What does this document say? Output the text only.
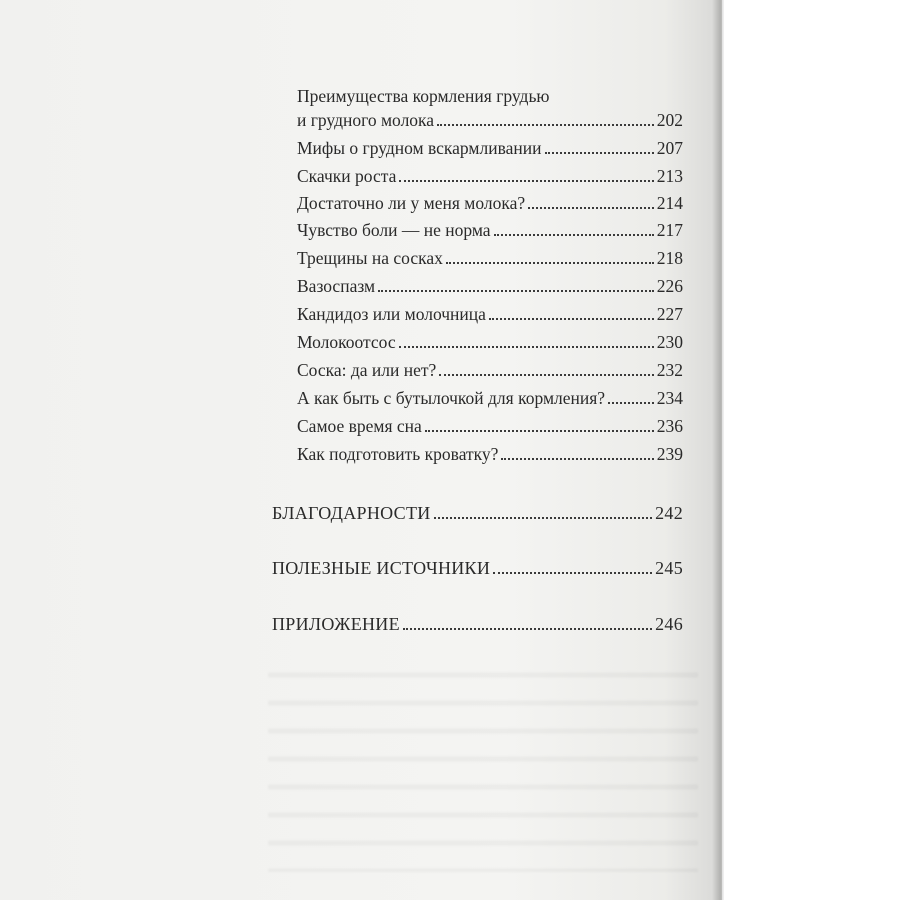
Преимущества кормления грудью
и грудного молока	202
Мифы о грудном вскармливании	207
Скачки роста	213
Достаточно ли у меня молока?	214
Чувство боли — не норма	217
Трещины на сосках	218
Вазоспазм	226
Кандидоз или молочница	227
Молокоотсос	230
Соска: да или нет?	232
А как быть с бутылочкой для кормления?	234
Самое время сна	236
Как подготовить кроватку?	239
БЛАГОДАРНОСТИ	242
ПОЛЕЗНЫЕ ИСТОЧНИКИ	245
ПРИЛОЖЕНИЕ	246
